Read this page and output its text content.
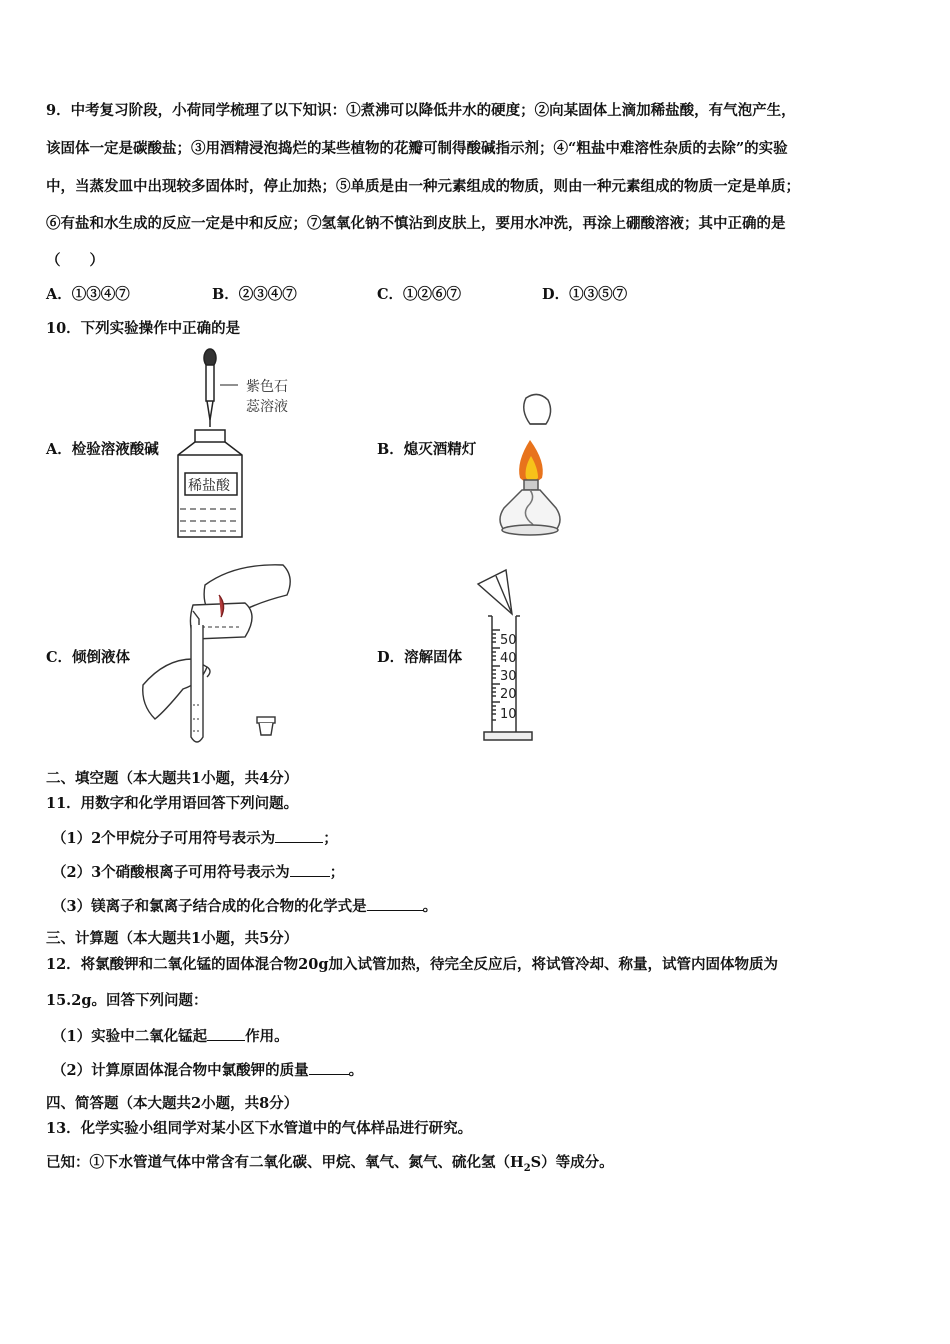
9．中考复习阶段，小荷同学梳理了以下知识：①煮沸可以降低井水的硬度；②向某固体上滴加稀盐酸，有气泡产生，
该固体一定是碳酸盐；③用酒精浸泡捣烂的某些植物的花瓣可制得酸碱指示剂；④“粗盐中难溶性杂质的去除”的实验
中，当蒸发皿中出现较多固体时，停止加热；⑤单质是由一种元素组成的物质，则由一种元素组成的物质一定是单质；
⑥有盐和水生成的反应一定是中和反应；⑦氢氧化钠不慎沾到皮肤上，要用水冲洗，再涂上硼酸溶液；其中正确的是
（　　）
A．①③④⑦	B．②③④⑦	C．①②⑥⑦	D．①③⑤⑦
10．下列实验操作中正确的是
A．检验溶液酸碱	B．熄灭酒精灯
C．倾倒液体	D．溶解固体
紫色石
蕊溶液
稀盐酸
50
40
30
20
10
二、填空题（本大题共1小题，共4分）
11．用数字和化学用语回答下列问题。
（1）2个甲烷分子可用符号表示为	；
（2）3个硝酸根离子可用符号表示为	；
（3）镁离子和氯离子结合成的化合物的化学式是	。
三、计算题（本大题共1小题，共5分）
12．将氯酸钾和二氧化锰的固体混合物20g加入试管加热，待完全反应后，将试管冷却、称量，试管内固体物质为
15.2g。回答下列问题：
（1）实验中二氧化锰起	作用。
（2）计算原固体混合物中氯酸钾的质量	。
四、简答题（本大题共2小题，共8分）
13．化学实验小组同学对某小区下水管道中的气体样品进行研究。
已知：①下水管道气体中常含有二氧化碳、甲烷、氧气、氮气、硫化氢$(H_2S)$等成分。
